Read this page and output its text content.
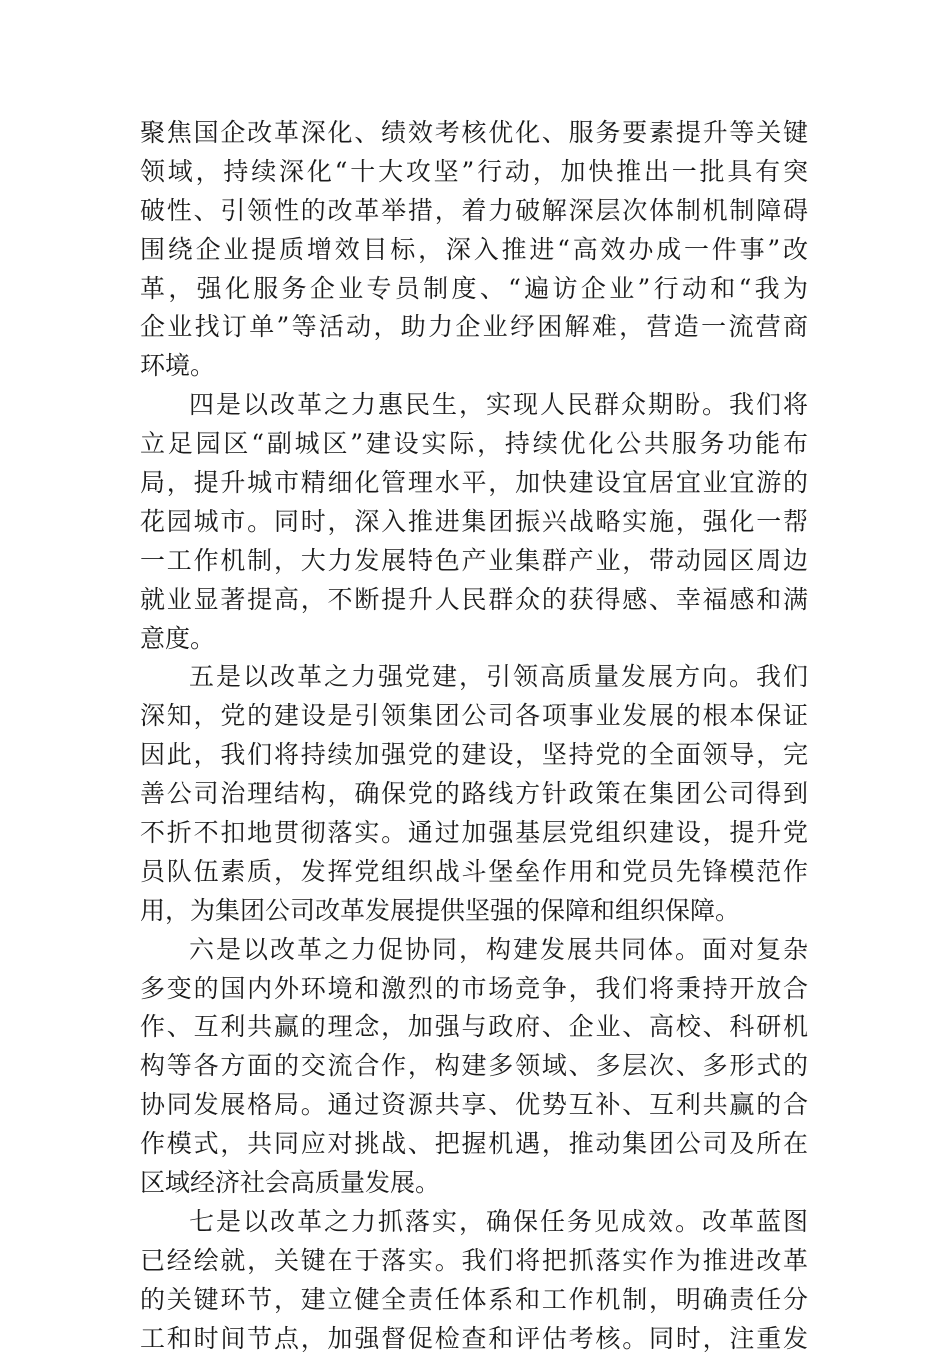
聚焦国企改革深化、绩效考核优化、服务要素提升等关键
领域，持续深化“十大攻坚”行动，加快推出一批具有突
破性、引领性的改革举措，着力破解深层次体制机制障碍
围绕企业提质增效目标，深入推进“高效办成一件事”改
革，强化服务企业专员制度、“遍访企业”行动和“我为
企业找订单”等活动，助力企业纾困解难，营造一流营商
环境。
四是以改革之力惠民生，实现人民群众期盼。我们将
立足园区“副城区”建设实际，持续优化公共服务功能布
局，提升城市精细化管理水平，加快建设宜居宜业宜游的
花园城市。同时，深入推进集团振兴战略实施，强化一帮
一工作机制，大力发展特色产业集群产业，带动园区周边
就业显著提高，不断提升人民群众的获得感、幸福感和满
意度。
五是以改革之力强党建，引领高质量发展方向。我们
深知，党的建设是引领集团公司各项事业发展的根本保证
因此，我们将持续加强党的建设，坚持党的全面领导，完
善公司治理结构，确保党的路线方针政策在集团公司得到
不折不扣地贯彻落实。通过加强基层党组织建设，提升党
员队伍素质，发挥党组织战斗堡垒作用和党员先锋模范作
用，为集团公司改革发展提供坚强的保障和组织保障。
六是以改革之力促协同，构建发展共同体。面对复杂
多变的国内外环境和激烈的市场竞争，我们将秉持开放合
作、互利共赢的理念，加强与政府、企业、高校、科研机
构等各方面的交流合作，构建多领域、多层次、多形式的
协同发展格局。通过资源共享、优势互补、互利共赢的合
作模式，共同应对挑战、把握机遇，推动集团公司及所在
区域经济社会高质量发展。
七是以改革之力抓落实，确保任务见成效。改革蓝图
已经绘就，关键在于落实。我们将把抓落实作为推进改革
的关键环节，建立健全责任体系和工作机制，明确责任分
工和时间节点，加强督促检查和评估考核。同时，注重发
